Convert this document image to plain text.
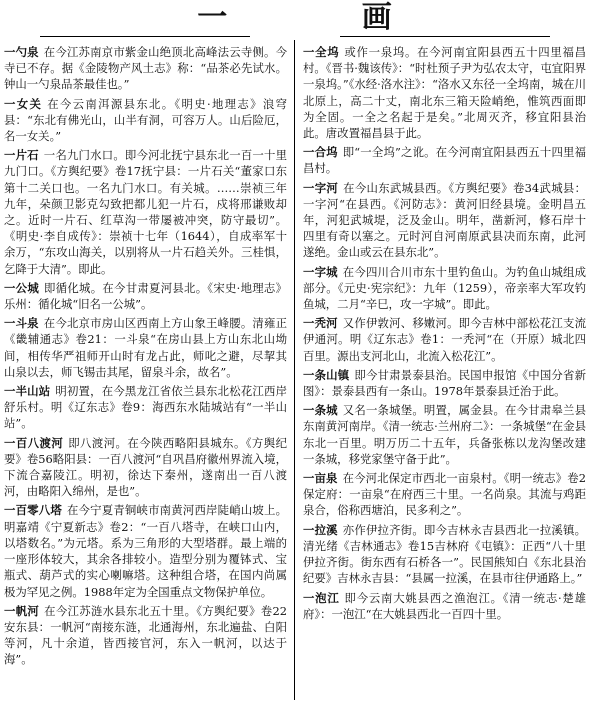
一 画

一勺泉 在今江苏南京市紫金山绝顶北高峰法云寺侧。今寺已不存。据《金陵物产风土志》称：“品茶必先试水。钟山一勺泉品茶最佳也。”

一女关 在今云南洱源县东北。《明史·地理志》浪穹县：“东北有佛光山，山半有洞，可容万人。山后险厄，名一女关。”

一片石 一名九门水口。即今河北抚宁县东北一百一十里九门口。《方舆纪要》卷17抚宁县：一片石关“董家口东第十二关口也。一名九门水口。有关城。……崇祯三年九年，朵颜卫影克勾致把都儿犯一片石，戍将邢谦败却之。近时一片石、红草沟一带屡被冲突，防守最切”。《明史·李自成传》：崇祯十七年（1644），自成率军十余万，“东攻山海关，以别将从一片石趋关外。三桂惧，乞降于大清”。即此。

一公城 即循化城。在今甘肃夏河县北。《宋史·地理志》乐州：循化城“旧名一公城”。

一斗泉 在今北京市房山区西南上方山象王峰腰。清雍正《畿辅通志》卷21：一斗泉“在房山县上方山东北山坳间，相传华严祖师开山时有龙占此，师叱之避，尽挈其山泉以去，师飞锡击其尾，留泉斗余，故名”。

一半山站 明初置，在今黑龙江省依兰县东北松花江西岸舒乐村。明《辽东志》卷9：海西东水陆城站有“一半山站”。

一百八渡河 即八渡河。在今陕西略阳县城东。《方舆纪要》卷56略阳县：一百八渡河“自巩昌府徽州界流入境，下流合嘉陵江。明初，徐达下秦州，遂南出一百八渡河，由略阳入绵州，是也”。

一百零八塔 在今宁夏青铜峡市南黄河西岸陡峭山坡上。明嘉靖《宁夏新志》卷2：“一百八塔寺，在峡口山内，以塔数名。”为元塔。系为三角形的大型塔群。最上端的一座形体较大，其余各排较小。造型分别为覆钵式、宝瓶式、葫芦式的实心喇嘛塔。这种组合塔，在国内尚属极为罕见之例。1988年定为全国重点文物保护单位。

一帆河 在今江苏涟水县东北五十里。《方舆纪要》卷22安东县：一帆河“南接东涟，北通海州，东北遍盐、白阳等河，凡十余道，皆西接官河，东入一帆河，以达于海”。

一全坞 或作一泉坞。在今河南宜阳县西五十四里福昌村。《晋书·魏该传》：“时杜预子尹为弘农太守，屯宜阳界一泉坞。”《水经·洛水注》：“洛水又东径一全坞南，城在川北原上，高二十丈，南北东三箱天险峭绝，惟筑西面即为全固。一全之名起于是矣。”北周灭齐，移宜阳县治此。唐改置福昌县于此。

一合坞 即“一全坞”之讹。在今河南宜阳县西五十四里福昌村。

一字河 在今山东武城县西。《方舆纪要》卷34武城县：一字河“在县西。《河防志》：黄河旧经县境。金明昌五年，河犯武城堤，泛及金山。明年，凿新河，修石岸十四里有奇以塞之。元时河自河南原武县决而东南，此河遂绝。金山或云在县东北”。

一字城 在今四川合川市东十里钓鱼山。为钓鱼山城组成部分。《元史·宪宗纪》：九年（1259），帝亲率大军攻钓鱼城，二月“辛巳，攻一字城”。即此。

一秃河 又作伊敦河、移嫩河。即今吉林中部松花江支流伊通河。明《辽东志》卷1：一秃河“在（开原）城北四百里。源出支河北山，北流入松花江”。

一条山镇 即今甘肃景泰县治。民国申报馆《中国分省新图》：景泰县西有一条山。1978年景泰县迁治于此。

一条城 又名一条城堡。明置，属金县。在今甘肃皋兰县东南黄河南岸。《清一统志·兰州府二》：一条城堡“在金县东北一百里。明万历二十五年，兵备张栋以龙沟堡改建一条城，移党家堡守备于此”。

一亩泉 在今河北保定市西北一亩泉村。《明一统志》卷2保定府：一亩泉“在府西三十里。一名尚泉。其流与鸡距泉合，俗称西塘泊，民多利之”。

一拉溪 亦作伊拉齐街。即今吉林永吉县西北一拉溪镇。清光绪《吉林通志》卷15吉林府《屯镇》：正西“八十里伊拉齐街。街东西有石桥各一”。民国熊知白《东北县治纪要》吉林永吉县：“县属一拉溪，在县市往伊通路上。”

一泡江 即今云南大姚县西之渔泡江。《清一统志·楚雄府》：一泡江“在大姚县西北一百四十里。
